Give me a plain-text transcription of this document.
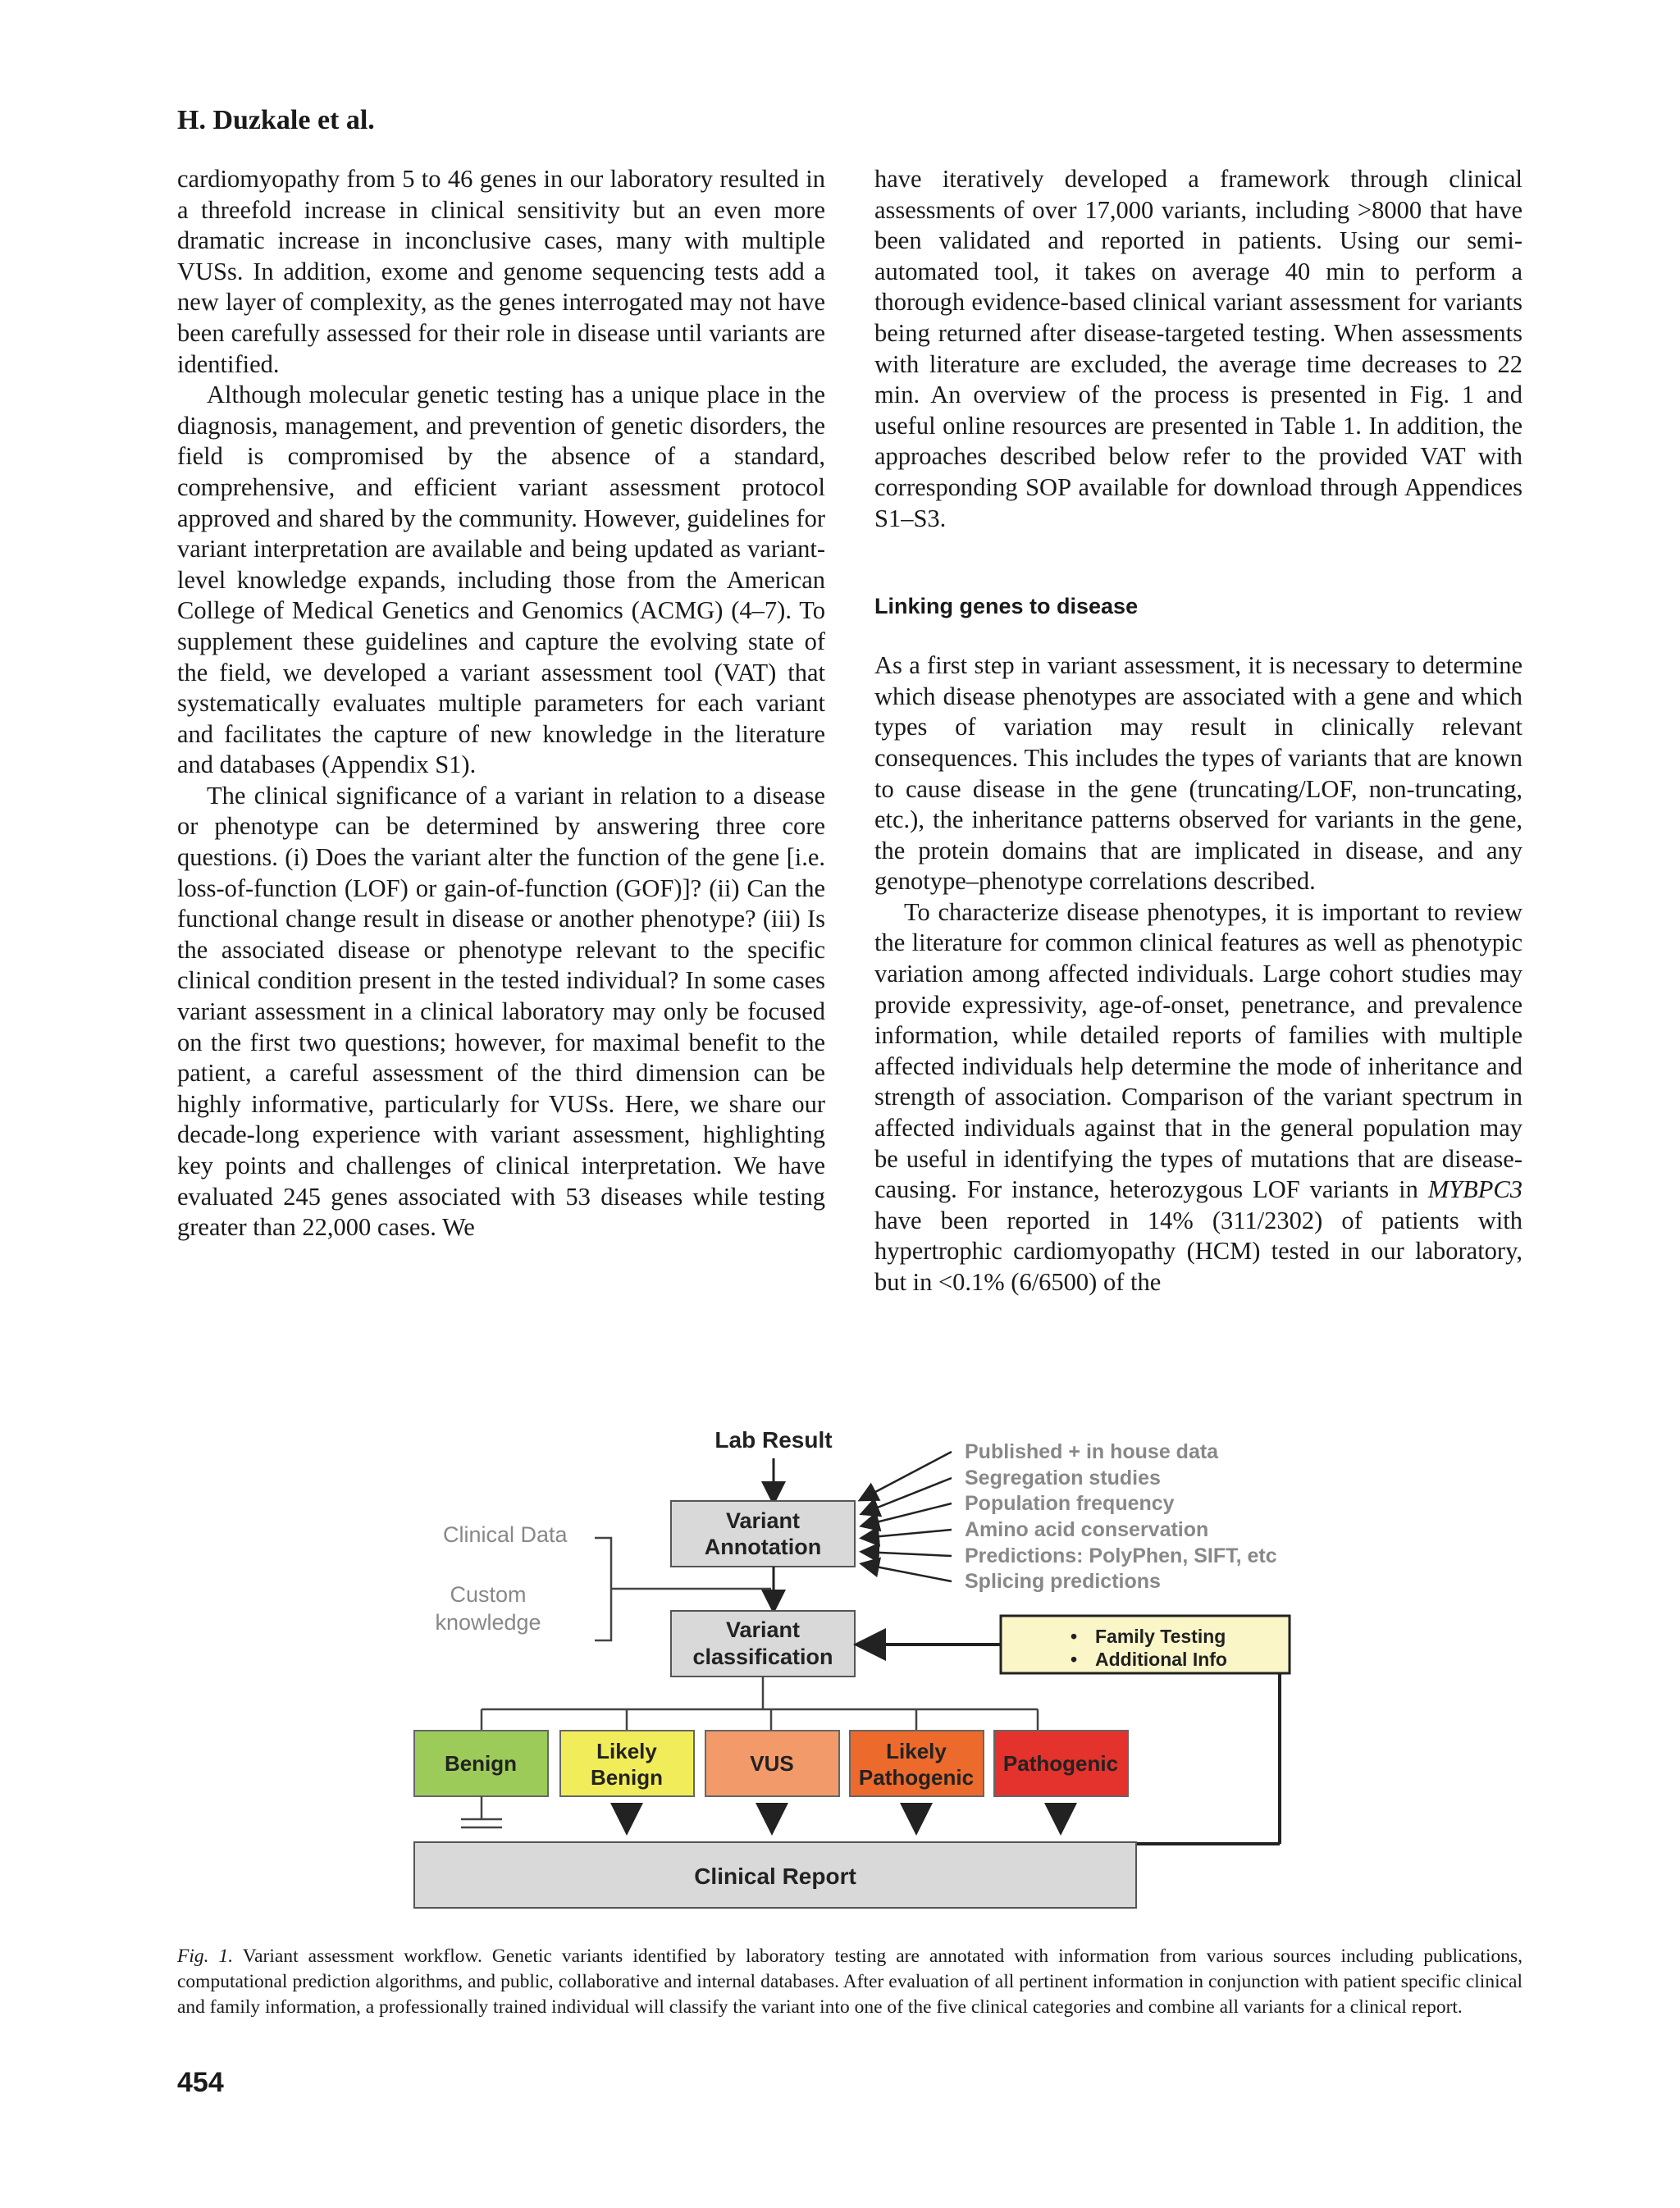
H. Duzkale et al.

cardiomyopathy from 5 to 46 genes in our laboratory resulted in a threefold increase in clinical sensitivity but an even more dramatic increase in inconclusive cases, many with multiple VUSs. In addition, exome and genome sequencing tests add a new layer of complexity, as the genes interrogated may not have been carefully assessed for their role in disease until variants are identified.

Although molecular genetic testing has a unique place in the diagnosis, management, and prevention of genetic disorders, the field is compromised by the absence of a standard, comprehensive, and efficient variant assessment protocol approved and shared by the community. However, guidelines for variant interpretation are available and being updated as variant-level knowledge expands, including those from the American College of Medical Genetics and Genomics (ACMG) (4–7). To supplement these guidelines and capture the evolving state of the field, we developed a variant assessment tool (VAT) that systematically evaluates multiple parameters for each variant and facilitates the capture of new knowledge in the literature and databases (Appendix S1).

The clinical significance of a variant in relation to a disease or phenotype can be determined by answering three core questions. (i) Does the variant alter the function of the gene [i.e. loss-of-function (LOF) or gain-of-function (GOF)]? (ii) Can the functional change result in disease or another phenotype? (iii) Is the associated disease or phenotype relevant to the specific clinical condition present in the tested individual? In some cases variant assessment in a clinical laboratory may only be focused on the first two questions; however, for maximal benefit to the patient, a careful assessment of the third dimension can be highly informative, particularly for VUSs. Here, we share our decade-long experience with variant assessment, highlighting key points and challenges of clinical interpretation. We have evaluated 245 genes associated with 53 diseases while testing greater than 22,000 cases. We

have iteratively developed a framework through clinical assessments of over 17,000 variants, including >8000 that have been validated and reported in patients. Using our semi-automated tool, it takes on average 40 min to perform a thorough evidence-based clinical variant assessment for variants being returned after disease-targeted testing. When assessments with literature are excluded, the average time decreases to 22 min. An overview of the process is presented in Fig. 1 and useful online resources are presented in Table 1. In addition, the approaches described below refer to the provided VAT with corresponding SOP available for download through Appendices S1–S3.

Linking genes to disease

As a first step in variant assessment, it is necessary to determine which disease phenotypes are associated with a gene and which types of variation may result in clinically relevant consequences. This includes the types of variants that are known to cause disease in the gene (truncating/LOF, non-truncating, etc.), the inheritance patterns observed for variants in the gene, the protein domains that are implicated in disease, and any genotype–phenotype correlations described.

To characterize disease phenotypes, it is important to review the literature for common clinical features as well as phenotypic variation among affected individuals. Large cohort studies may provide expressivity, age-of-onset, penetrance, and prevalence information, while detailed reports of families with multiple affected individuals help determine the mode of inheritance and strength of association. Comparison of the variant spectrum in affected individuals against that in the general population may be useful in identifying the types of mutations that are disease-causing. For instance, heterozygous LOF variants in MYBPC3 have been reported in 14% (311/2302) of patients with hypertrophic cardiomyopathy (HCM) tested in our laboratory, but in <0.1% (6/6500) of the

Lab Result
Variant
Annotation
Clinical Data
Custom
knowledge
Published + in house data
Segregation studies
Population frequency
Amino acid conservation
Predictions: PolyPhen, SIFT, etc
Splicing predictions
Variant
classification
• Family Testing
• Additional Info
Benign	Likely
Benign
VUS	Likely
Pathogenic
Pathogenic
Clinical Report
Fig. 1. Variant assessment workflow. Genetic variants identified by laboratory testing are annotated with information from various sources including publications, computational prediction algorithms, and public, collaborative and internal databases. After evaluation of all pertinent information in conjunction with patient specific clinical and family information, a professionally trained individual will classify the variant into one of the five clinical categories and combine all variants for a clinical report.
454
